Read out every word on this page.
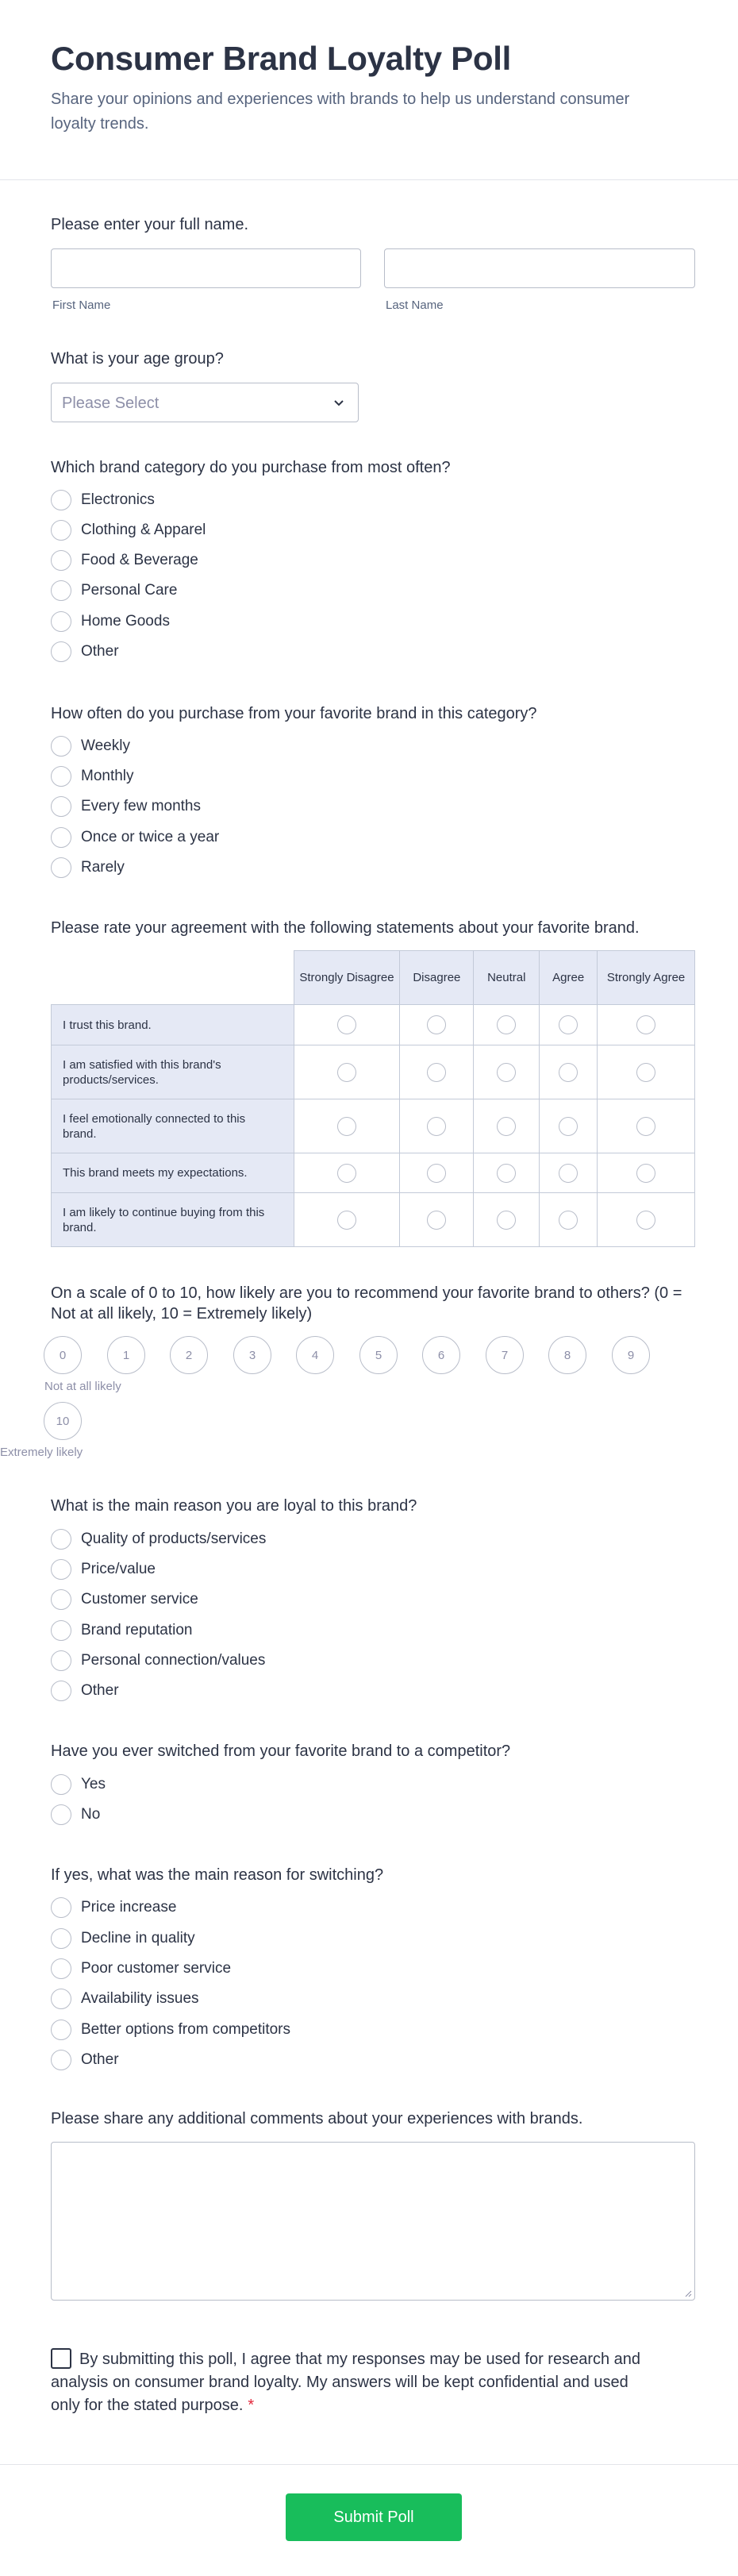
Consumer Brand Loyalty Poll
Share your opinions and experiences with brands to help us understand consumer loyalty trends.
Please enter your full name.
First Name	Last Name
What is your age group?
Please Select
Which brand category do you purchase from most often?
Electronics
Clothing & Apparel
Food & Beverage
Personal Care
Home Goods
Other
How often do you purchase from your favorite brand in this category?
Weekly
Monthly
Every few months
Once or twice a year
Rarely
Please rate your agreement with the following statements about your favorite brand.
	Strongly Disagree	Disagree	Neutral	Agree	Strongly Agree
I trust this brand.					
I am satisfied with this brand's products/services.					
I feel emotionally connected to this brand.					
This brand meets my expectations.					
I am likely to continue buying from this brand.					
On a scale of 0 to 10, how likely are you to recommend your favorite brand to others? (0 = Not at all likely, 10 = Extremely likely)
0	1	2	3	4	5	6	7	8	9
Not at all likely
10
Extremely likely
What is the main reason you are loyal to this brand?
Quality of products/services
Price/value
Customer service
Brand reputation
Personal connection/values
Other
Have you ever switched from your favorite brand to a competitor?
Yes
No
If yes, what was the main reason for switching?
Price increase
Decline in quality
Poor customer service
Availability issues
Better options from competitors
Other
Please share any additional comments about your experiences with brands.
By submitting this poll, I agree that my responses may be used for research and analysis on consumer brand loyalty. My answers will be kept confidential and used only for the stated purpose. *
Submit Poll
